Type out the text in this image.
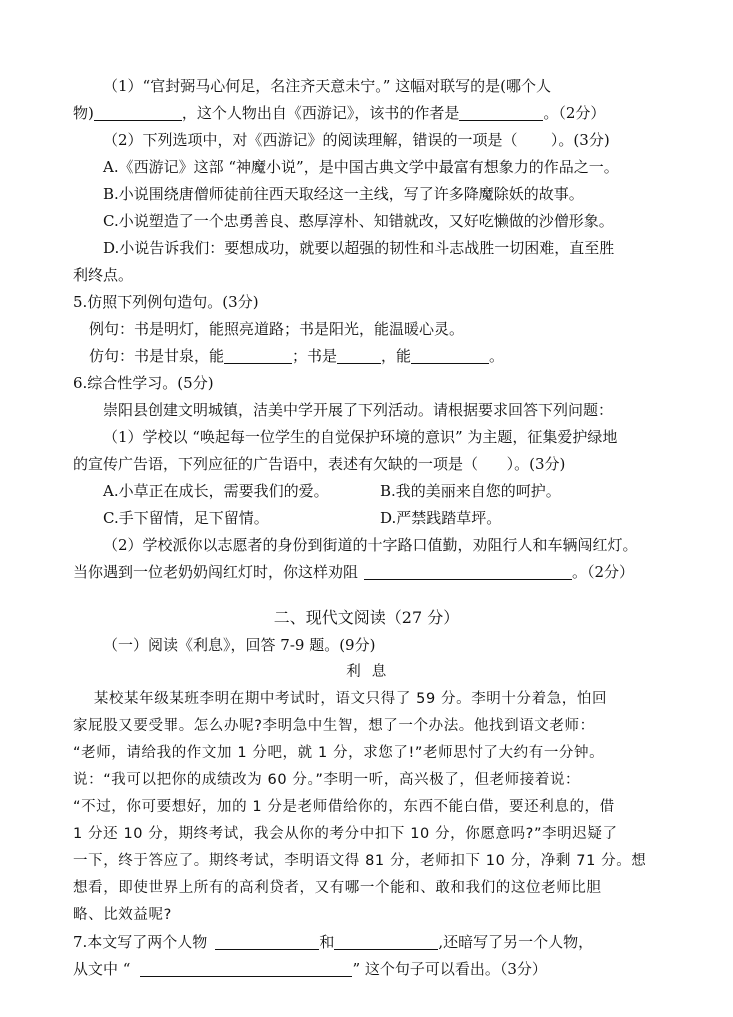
（1）“官封弼马心何足，名注齐天意未宁。” 这幅对联写的是(哪个人
物)	，这个人物出自《西游记》，该书的作者是	。（2分）
（2）下列选项中，对《西游记》的阅读理解，错误的一项是（       ）。(3分)
A.《西游记》这部 “神魔小说”，是中国古典文学中最富有想象力的作品之一。
B.小说围绕唐僧师徒前往西天取经这一主线，写了许多降魔除妖的故事。
C.小说塑造了一个忠勇善良、憨厚淳朴、知错就改，又好吃懒做的沙僧形象。
D.小说告诉我们：要想成功，就要以超强的韧性和斗志战胜一切困难，直至胜
利终点。
5.仿照下列例句造句。(3分)
例句：书是明灯，能照亮道路；书是阳光，能温暖心灵。
仿句：书是甘泉，能	；书是	，能	。
6.综合性学习。(5分)
崇阳县创建文明城镇，洁美中学开展了下列活动。请根据要求回答下列问题：
（1）学校以 “唤起每一位学生的自觉保护环境的意识” 为主题，征集爱护绿地
的宣传广告语，下列应征的广告语中，表述有欠缺的一项是（      ）。(3分)
A.小草正在成长，需要我们的爱。	B.我的美丽来自您的呵护。
C.手下留情，足下留情。	D.严禁践踏草坪。
（2）学校派你以志愿者的身份到街道的十字路口值勤，劝阻行人和车辆闯红灯。
当你遇到一位老奶奶闯红灯时，你这样劝阻	。（2分）
二、现代文阅读（27 分）
（一）阅读《利息》，回答 7-9 题。(9分)
利  息
某校某年级某班李明在期中考试时，语文只得了 59 分。李明十分着急，怕回
家屁股又要受罪。怎么办呢?李明急中生智，想了一个办法。他找到语文老师：
“老师，请给我的作文加 1 分吧，就 1 分，求您了!”老师思忖了大约有一分钟。
说：“我可以把你的成绩改为 60 分。”李明一听，高兴极了，但老师接着说：
“不过，你可要想好，加的 1 分是老师借给你的，东西不能白借，要还利息的，借
1 分还 10 分，期终考试，我会从你的考分中扣下 10 分，你愿意吗?”李明迟疑了
一下，终于答应了。期终考试，李明语文得 81 分，老师扣下 10 分，净剩 71 分。想
想看，即使世界上所有的高利贷者，又有哪一个能和、敢和我们的这位老师比胆
略、比效益呢?
7.本文写了两个人物	和	,还暗写了另一个人物，
从文中 “	” 这个句子可以看出。（3分）
